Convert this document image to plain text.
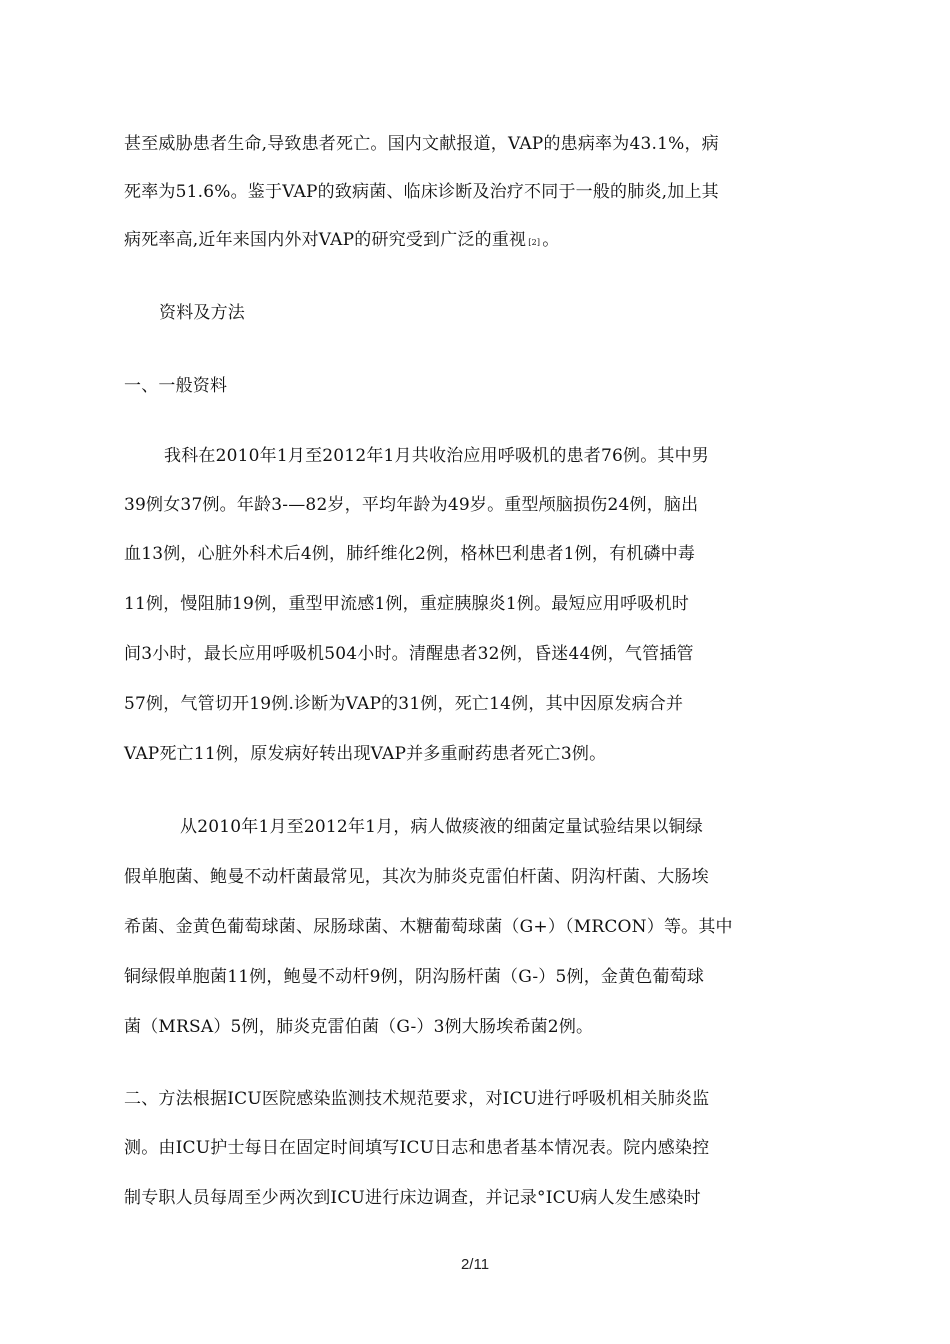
甚至威胁患者生命,导致患者死亡。国内文献报道，VAP的患病率为43.1%，病
死率为51.6%。鉴于VAP的致病菌、临床诊断及治疗不同于一般的肺炎,加上其
病死率高,近年来国内外对VAP的研究受到广泛的重视 [2] 。
资料及方法
一、一般资料
我科在2010年1月至2012年1月共收治应用呼吸机的患者76例。其中男
39例女37例。年龄3-—82岁，平均年龄为49岁。重型颅脑损伤24例，脑出
血13例，心脏外科术后4例，肺纤维化2例，格林巴利患者1例，有机磷中毒
11例，慢阻肺19例，重型甲流感1例，重症胰腺炎1例。最短应用呼吸机时
间3小时，最长应用呼吸机504小时。清醒患者32例，昏迷44例，气管插管
57例，气管切开19例.诊断为VAP的31例，死亡14例，其中因原发病合并
VAP死亡11例，原发病好转出现VAP并多重耐药患者死亡3例。
从2010年1月至2012年1月，病人做痰液的细菌定量试验结果以铜绿
假单胞菌、鲍曼不动杆菌最常见，其次为肺炎克雷伯杆菌、阴沟杆菌、大肠埃
希菌、金黄色葡萄球菌、尿肠球菌、木糖葡萄球菌（G+）（MRCON）等。其中
铜绿假单胞菌11例，鲍曼不动杆9例，阴沟肠杆菌（G-）5例，金黄色葡萄球
菌（MRSA）5例，肺炎克雷伯菌（G-）3例大肠埃希菌2例。
二、方法根据ICU医院感染监测技术规范要求，对ICU进行呼吸机相关肺炎监
测。由ICU护士每日在固定时间填写ICU日志和患者基本情况表。院内感染控
制专职人员每周至少两次到ICU进行床边调查，并记录°ICU病人发生感染时
2/11
